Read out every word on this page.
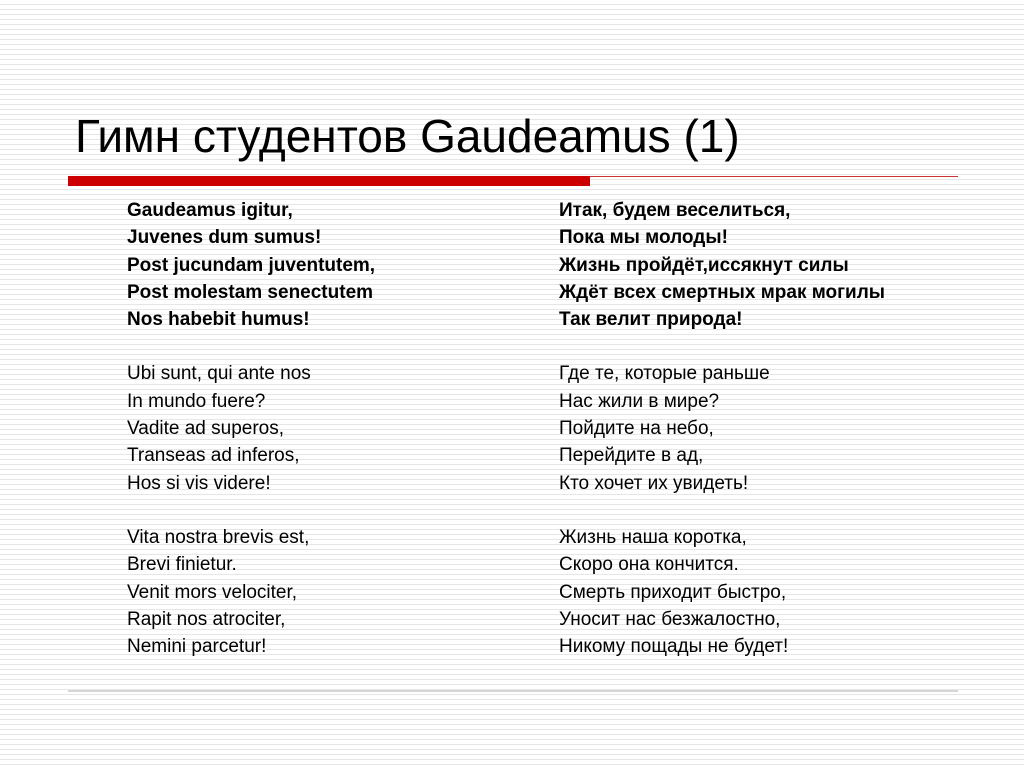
Гимн студентов Gaudeamus (1)
Gaudeamus igitur,
Juvenes dum sumus!
Post jucundam juventutem,
Post molestam senectutem
Nos habebit humus!
Ubi sunt, qui ante nos
In mundo fuere?
Vadite ad superos,
Transeas ad inferos,
Hos si vis videre!
Vita nostra brevis est,
Brevi finietur.
Venit mors velociter,
Rapit nos atrociter,
Nemini parcetur!
Итак, будем веселиться,
Пока мы молоды!
Жизнь пройдёт,иссякнут силы
Ждёт всех смертных мрак могилы
Так велит природа!
Где те, которые раньше
Нас жили в мире?
Пойдите на небо,
Перейдите в ад,
Кто хочет их увидеть!
Жизнь наша коротка,
Скоро она кончится.
Смерть приходит быстро,
Уносит нас безжалостно,
Никому пощады не будет!
